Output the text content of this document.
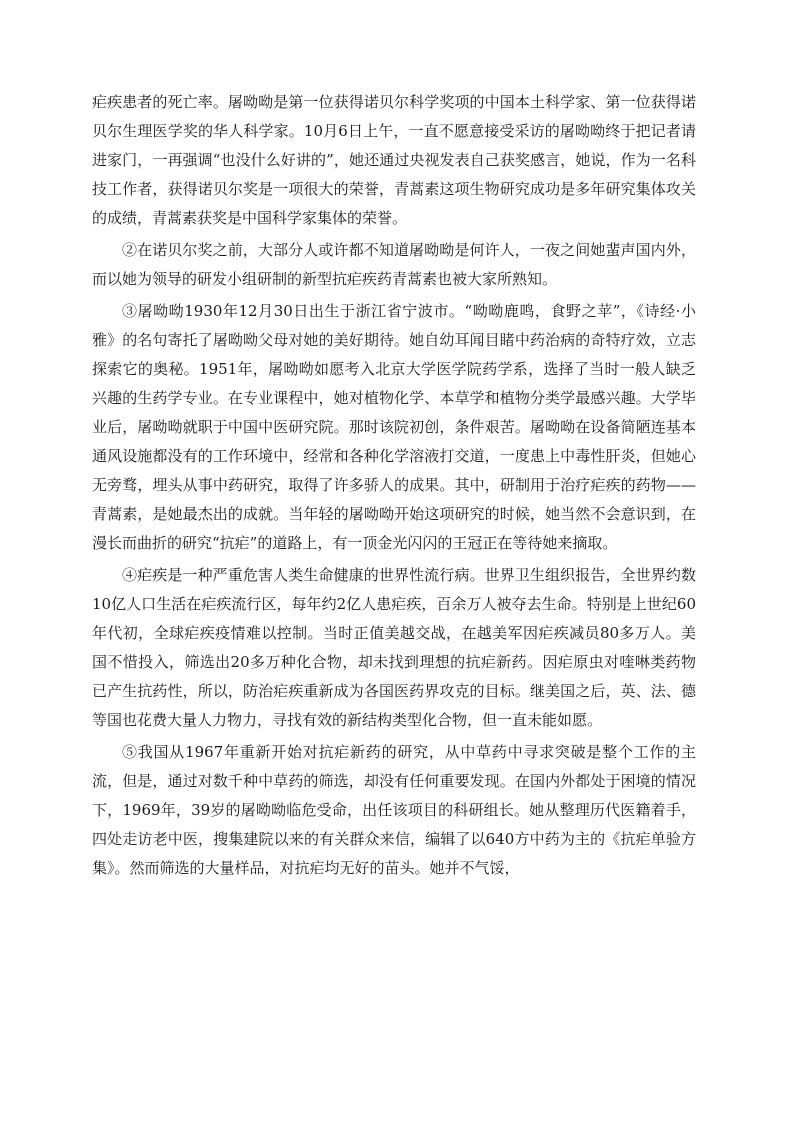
疟疾患者的死亡率。屠呦呦是第一位获得诺贝尔科学奖项的中国本土科学家、第一位获得诺贝尔生理医学奖的华人科学家。10月6日上午，一直不愿意接受采访的屠呦呦终于把记者请进家门，一再强调“也没什么好讲的”，她还通过央视发表自己获奖感言，她说，作为一名科技工作者，获得诺贝尔奖是一项很大的荣誉，青蒿素这项生物研究成功是多年研究集体攻关的成绩，青蒿素获奖是中国科学家集体的荣誉。

②在诺贝尔奖之前，大部分人或许都不知道屠呦呦是何许人，一夜之间她蜚声国内外，而以她为领导的研发小组研制的新型抗疟疾药青蒿素也被大家所熟知。

③屠呦呦1930年12月30日出生于浙江省宁波市。“呦呦鹿鸣，食野之苹”，《诗经·小雅》的名句寄托了屠呦呦父母对她的美好期待。她自幼耳闻目睹中药治病的奇特疗效，立志探索它的奥秘。1951年，屠呦呦如愿考入北京大学医学院药学系，选择了当时一般人缺乏兴趣的生药学专业。在专业课程中，她对植物化学、本草学和植物分类学最感兴趣。大学毕业后，屠呦呦就职于中国中医研究院。那时该院初创，条件艰苦。屠呦呦在设备简陋连基本通风设施都没有的工作环境中，经常和各种化学溶液打交道，一度患上中毒性肝炎，但她心无旁骛，埋头从事中药研究，取得了许多骄人的成果。其中，研制用于治疗疟疾的药物——青蒿素，是她最杰出的成就。当年轻的屠呦呦开始这项研究的时候，她当然不会意识到，在漫长而曲折的研究“抗疟”的道路上，有一顶金光闪闪的王冠正在等待她来摘取。

④疟疾是一种严重危害人类生命健康的世界性流行病。世界卫生组织报告，全世界约数10亿人口生活在疟疾流行区，每年约2亿人患疟疾，百余万人被夺去生命。特别是上世纪60年代初，全球疟疾疫情难以控制。当时正值美越交战，在越美军因疟疾减员80多万人。美国不惜投入，筛选出20多万种化合物，却未找到理想的抗疟新药。因疟原虫对喹啉类药物已产生抗药性，所以，防治疟疾重新成为各国医药界攻克的目标。继美国之后，英、法、德等国也花费大量人力物力，寻找有效的新结构类型化合物，但一直未能如愿。

⑤我国从1967年重新开始对抗疟新药的研究，从中草药中寻求突破是整个工作的主流，但是，通过对数千种中草药的筛选，却没有任何重要发现。在国内外都处于困境的情况下，1969年，39岁的屠呦呦临危受命，出任该项目的科研组长。她从整理历代医籍着手，四处走访老中医，搜集建院以来的有关群众来信，编辑了以640方中药为主的《抗疟单验方集》。然而筛选的大量样品，对抗疟均无好的苗头。她并不气馁，
